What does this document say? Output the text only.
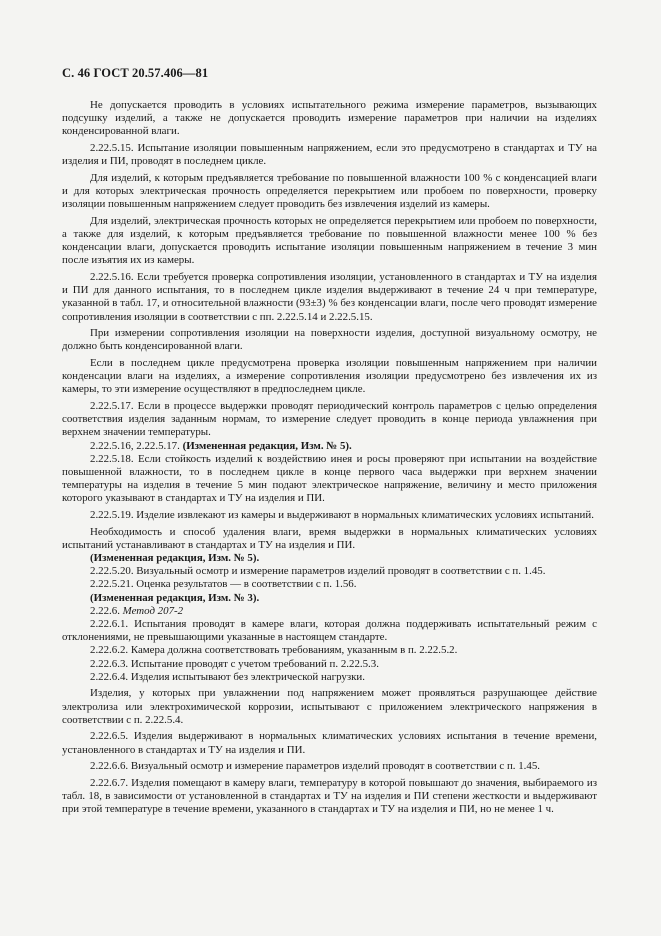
С. 46 ГОСТ 20.57.406—81

Не допускается проводить в условиях испытательного режима измерение параметров, вызывающих подсушку изделий, а также не допускается проводить измерение параметров при наличии на изделиях конденсированной влаги.

2.22.5.15. Испытание изоляции повышенным напряжением, если это предусмотрено в стандартах и ТУ на изделия и ПИ, проводят в последнем цикле.

Для изделий, к которым предъявляется требование по повышенной влажности 100 % с конденсацией влаги и для которых электрическая прочность определяется перекрытием или пробоем по поверхности, проверку изоляции повышенным напряжением следует проводить без извлечения изделий из камеры.

Для изделий, электрическая прочность которых не определяется перекрытием или пробоем по поверхности, а также для изделий, к которым предъявляется требование по повышенной влажности менее 100 % без конденсации влаги, допускается проводить испытание изоляции повышенным напряжением в течение 3 мин после изъятия их из камеры.

2.22.5.16. Если требуется проверка сопротивления изоляции, установленного в стандартах и ТУ на изделия и ПИ для данного испытания, то в последнем цикле изделия выдерживают в течение 24 ч при температуре, указанной в табл. 17, и относительной влажности (93±3) % без конденсации влаги, после чего проводят измерение сопротивления изоляции в соответствии с пп. 2.22.5.14 и 2.22.5.15.

При измерении сопротивления изоляции на поверхности изделия, доступной визуальному осмотру, не должно быть конденсированной влаги.

Если в последнем цикле предусмотрена проверка изоляции повышенным напряжением при наличии конденсации влаги на изделиях, а измерение сопротивления изоляции предусмотрено без извлечения их из камеры, то эти измерение осуществляют в предпоследнем цикле.

2.22.5.17. Если в процессе выдержки проводят периодический контроль параметров с целью определения соответствия изделия заданным нормам, то измерение следует проводить в конце периода увлажнения при верхнем значении температуры.

2.22.5.16, 2.22.5.17. (Измененная редакция, Изм. № 5).

2.22.5.18. Если стойкость изделий к воздействию инея и росы проверяют при испытании на воздействие повышенной влажности, то в последнем цикле в конце первого часа выдержки при верхнем значении температуры на изделия в течение 5 мин подают электрическое напряжение, величину и место приложения которого указывают в стандартах и ТУ на изделия и ПИ.

2.22.5.19. Изделие извлекают из камеры и выдерживают в нормальных климатических условиях испытаний.

Необходимость и способ удаления влаги, время выдержки в нормальных климатических условиях испытаний устанавливают в стандартах и ТУ на изделия и ПИ.

(Измененная редакция, Изм. № 5).

2.22.5.20. Визуальный осмотр и измерение параметров изделий проводят в соответствии с п. 1.45.

2.22.5.21. Оценка результатов — в соответствии с п. 1.56.

(Измененная редакция, Изм. № 3).

2.22.6. Метод 207-2

2.22.6.1. Испытания проводят в камере влаги, которая должна поддерживать испытательный режим с отклонениями, не превышающими указанные в настоящем стандарте.

2.22.6.2. Камера должна соответствовать требованиям, указанным в п. 2.22.5.2.

2.22.6.3. Испытание проводят с учетом требований п. 2.22.5.3.

2.22.6.4. Изделия испытывают без электрической нагрузки.

Изделия, у которых при увлажнении под напряжением может проявляться разрушающее действие электролиза или электрохимической коррозии, испытывают с приложением электрического напряжения в соответствии с п. 2.22.5.4.

2.22.6.5. Изделия выдерживают в нормальных климатических условиях испытания в течение времени, установленного в стандартах и ТУ на изделия и ПИ.

2.22.6.6. Визуальный осмотр и измерение параметров изделий проводят в соответствии с п. 1.45.

2.22.6.7. Изделия помещают в камеру влаги, температуру в которой повышают до значения, выбираемого из табл. 18, в зависимости от установленной в стандартах и ТУ на изделия и ПИ степени жесткости и выдерживают при этой температуре в течение времени, указанного в стандартах и ТУ на изделия и ПИ, но не менее 1 ч.
